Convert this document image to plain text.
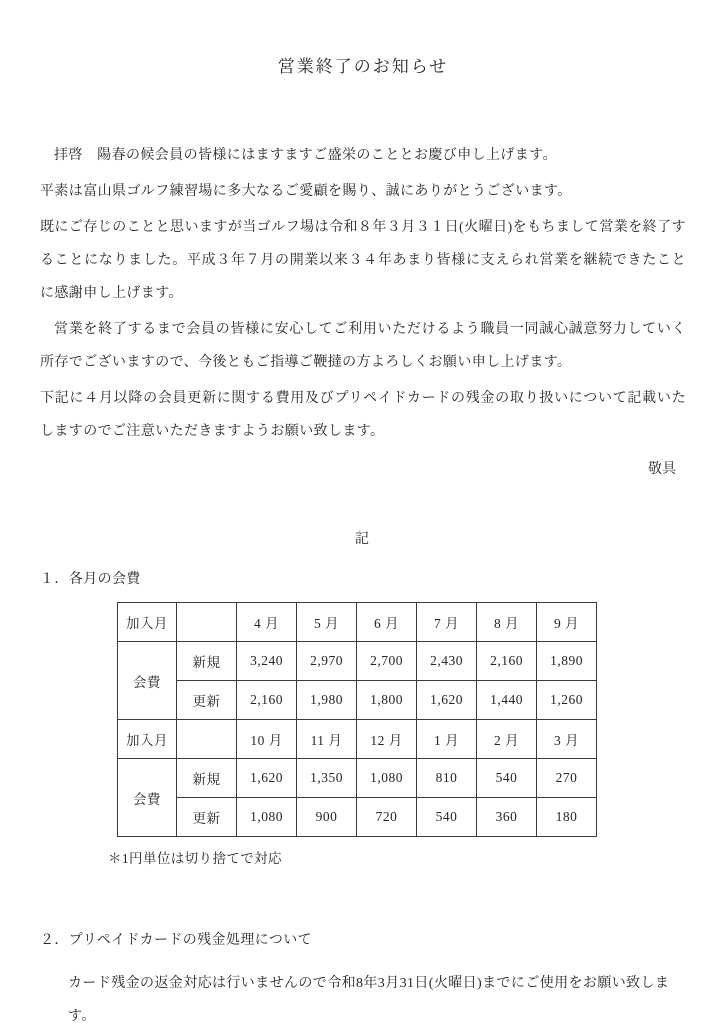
営業終了のお知らせ

拝啓　陽春の候会員の皆様にはますますご盛栄のこととお慶び申し上げます。

平素は富山県ゴルフ練習場に多大なるご愛顧を賜り、誠にありがとうございます。

既にご存じのことと思いますが当ゴルフ場は令和８年３月３１日(火曜日)をもちまして営業を終了することになりました。平成３年７月の開業以来３４年あまり皆様に支えられ営業を継続できたことに感謝申し上げます。

営業を終了するまで会員の皆様に安心してご利用いただけるよう職員一同誠心誠意努力していく所存でございますので、今後ともご指導ご鞭撻の方よろしくお願い申し上げます。

下記に４月以降の会員更新に関する費用及びプリペイドカードの残金の取り扱いについて記載いたしますのでご注意いただきますようお願い致します。

敬具
記
１．各月の会費
加入月		4 月	5 月	6 月	7 月	8 月	9 月
会費	新規	3,240	2,970	2,700	2,430	2,160	1,890
	更新	2,160	1,980	1,800	1,620	1,440	1,260
加入月		10 月	11 月	12 月	1 月	2 月	3 月
会費	新規	1,620	1,350	1,080	810	540	270
	更新	1,080	900	720	540	360	180
＊1円単位は切り捨てで対応
２．プリペイドカードの残金処理について

カード残金の返金対応は行いませんので令和8年3月31日(火曜日)までにご使用をお願い致します。
